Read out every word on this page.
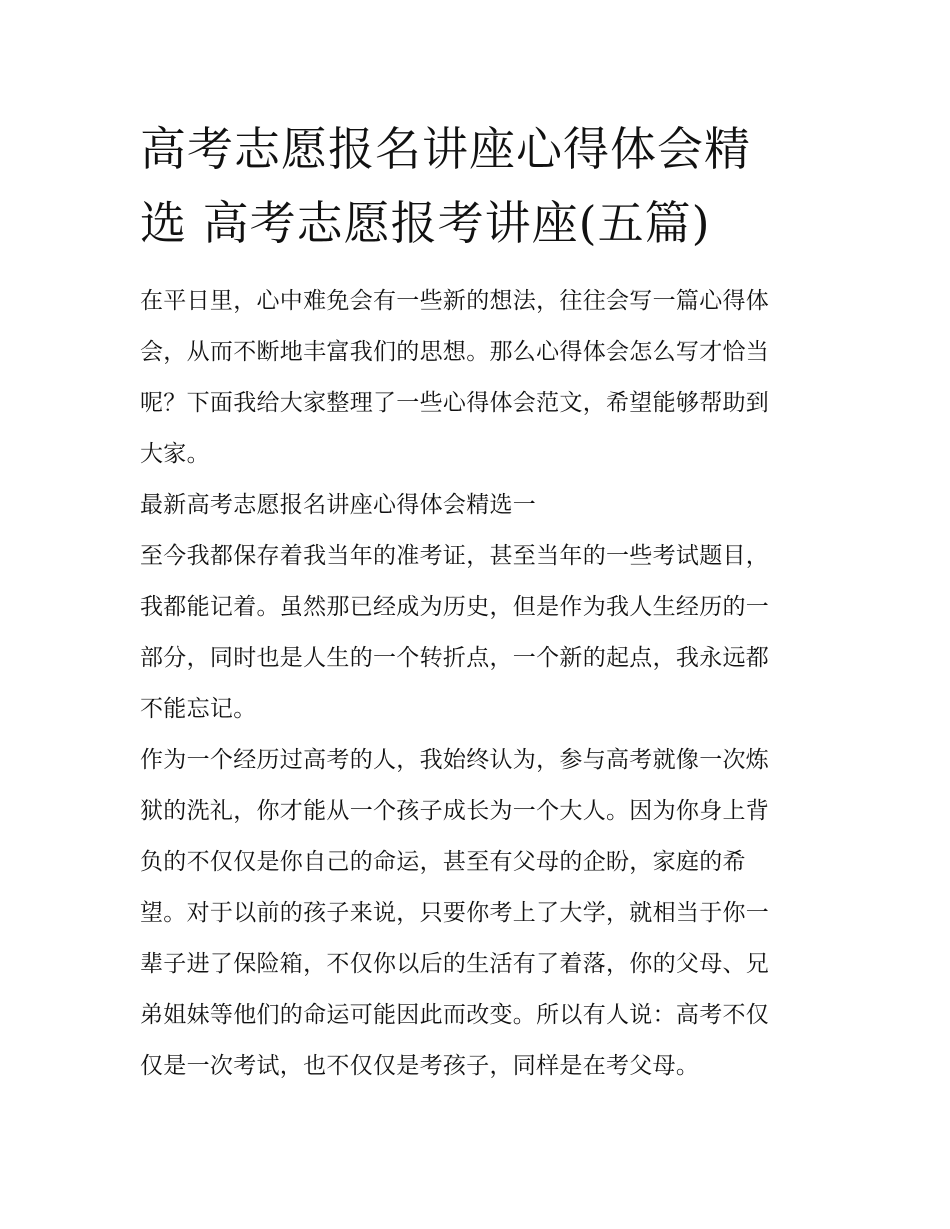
高考志愿报名讲座心得体会精
选 高考志愿报考讲座(五篇)
在平日里，心中难免会有一些新的想法，往往会写一篇心得体
会，从而不断地丰富我们的思想。那么心得体会怎么写才恰当
呢？下面我给大家整理了一些心得体会范文，希望能够帮助到
大家。
最新高考志愿报名讲座心得体会精选一
至今我都保存着我当年的准考证，甚至当年的一些考试题目，
我都能记着。虽然那已经成为历史，但是作为我人生经历的一
部分，同时也是人生的一个转折点，一个新的起点，我永远都
不能忘记。
作为一个经历过高考的人，我始终认为，参与高考就像一次炼
狱的洗礼，你才能从一个孩子成长为一个大人。因为你身上背
负的不仅仅是你自己的命运，甚至有父母的企盼，家庭的希
望。对于以前的孩子来说，只要你考上了大学，就相当于你一
辈子进了保险箱，不仅你以后的生活有了着落，你的父母、兄
弟姐妹等他们的命运可能因此而改变。所以有人说：高考不仅
仅是一次考试，也不仅仅是考孩子，同样是在考父母。
